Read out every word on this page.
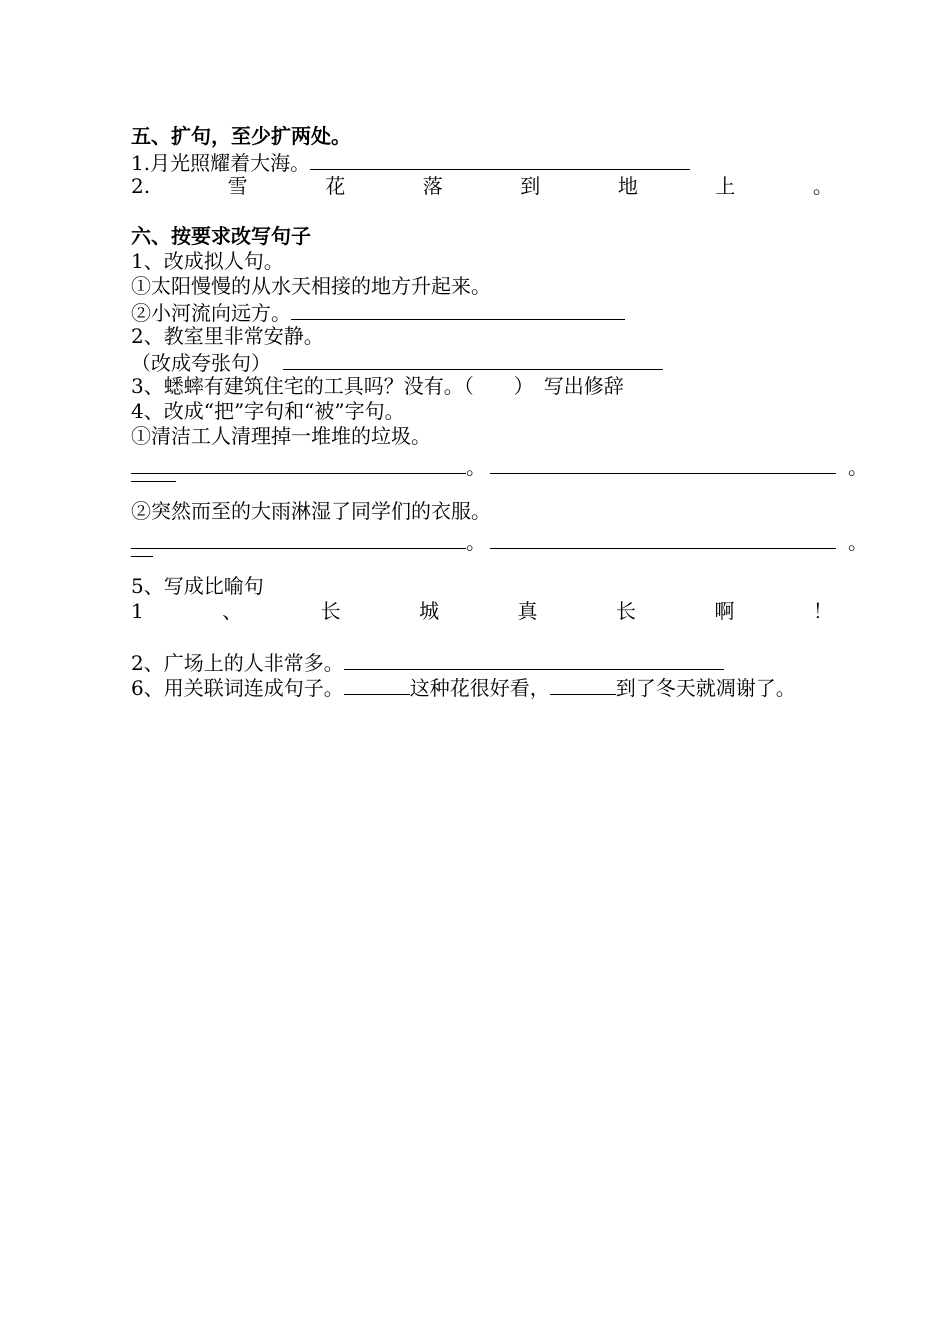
五、扩句，至少扩两处。
1.月光照耀着大海。
2.	雪	花	落	到	地	上	。
六、按要求改写句子
1、改成拟人句。
①太阳慢慢的从水天相接的地方升起来。
②小河流向远方。
2、教室里非常安静。
（改成夸张句）
3、蟋蟀有建筑住宅的工具吗？没有。（　　）　写出修辞
4、改成“把”字句和“被”字句。
①清洁工人清理掉一堆堆的垃圾。
。	。
②突然而至的大雨淋湿了同学们的衣服。
。	。
5、写成比喻句
1	、	长	城	真	长	啊	！
2、广场上的人非常多。
6、用关联词连成句子。	这种花很好看，	到了冬天就凋谢了。
